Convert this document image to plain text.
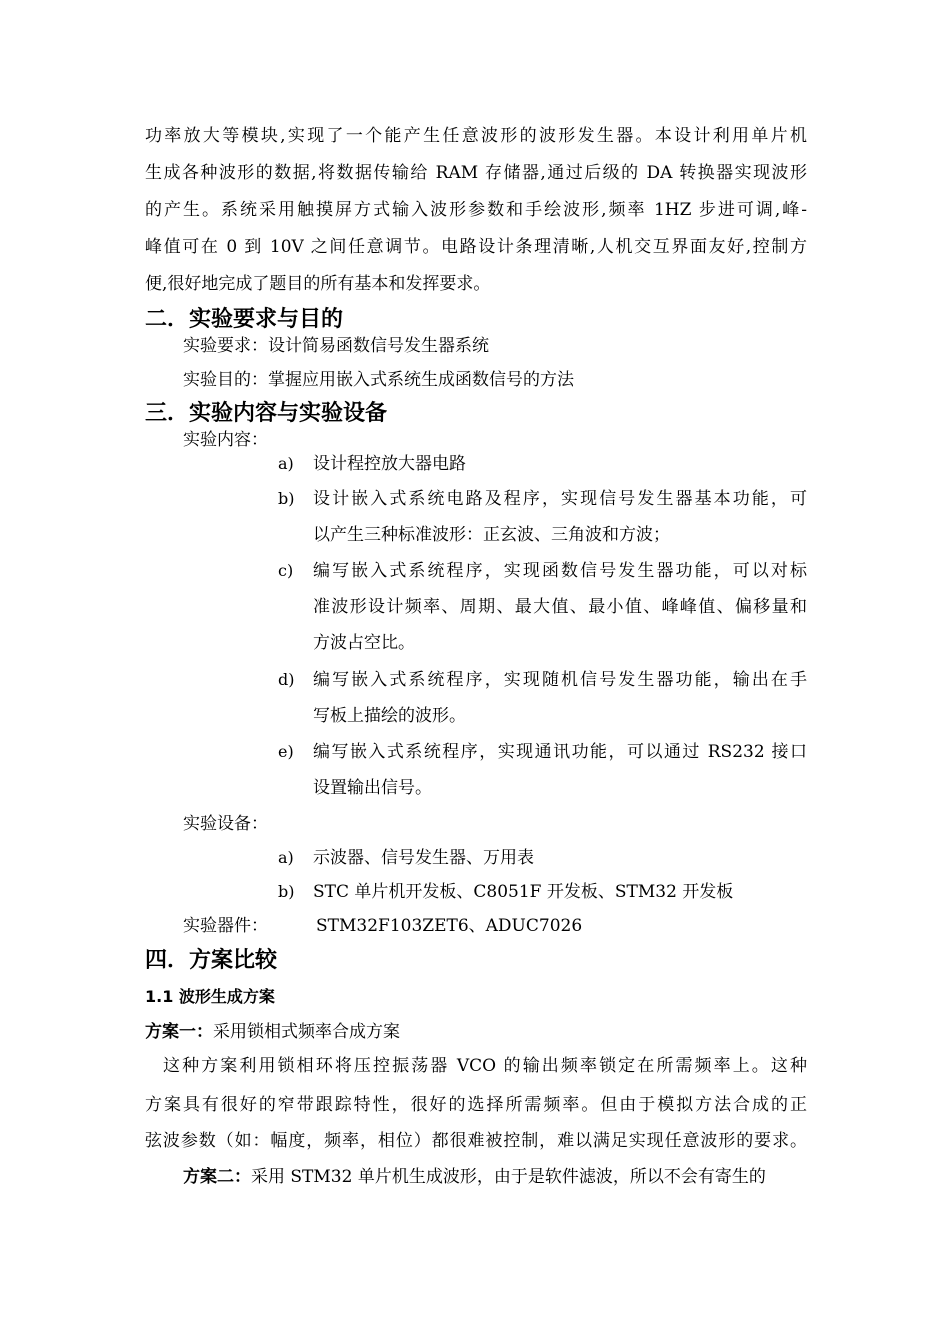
功率放大等模块,实现了一个能产生任意波形的波形发生器。本设计利用单片机
生成各种波形的数据,将数据传输给 RAM 存储器,通过后级的 DA 转换器实现波形
的产生。系统采用触摸屏方式输入波形参数和手绘波形,频率 1HZ 步进可调,峰-
峰值可在 0 到 10V 之间任意调节。电路设计条理清晰,人机交互界面友好,控制方
便,很好地完成了题目的所有基本和发挥要求。
二．实验要求与目的
实验要求：设计简易函数信号发生器系统
实验目的：掌握应用嵌入式系统生成函数信号的方法
三．实验内容与实验设备
实验内容：
a) 设计程控放大器电路
b) 设计嵌入式系统电路及程序，实现信号发生器基本功能，可
以产生三种标准波形：正玄波、三角波和方波；
c) 编写嵌入式系统程序，实现函数信号发生器功能，可以对标
准波形设计频率、周期、最大值、最小值、峰峰值、偏移量和
方波占空比。
d) 编写嵌入式系统程序，实现随机信号发生器功能，输出在手
写板上描绘的波形。
e) 编写嵌入式系统程序，实现通讯功能，可以通过 RS232 接口
设置输出信号。
实验设备：
a) 示波器、信号发生器、万用表
b) STC 单片机开发板、C8051F 开发板、STM32 开发板
实验器件：	STM32F103ZET6、ADUC7026
四．方案比较
1.1 波形生成方案
方案一：采用锁相式频率合成方案
这种方案利用锁相环将压控振荡器 VCO 的输出频率锁定在所需频率上。这种
方案具有很好的窄带跟踪特性，很好的选择所需频率。但由于模拟方法合成的正
弦波参数（如：幅度，频率，相位）都很难被控制，难以满足实现任意波形的要求。
方案二：采用 STM32 单片机生成波形，由于是软件滤波，所以不会有寄生的
